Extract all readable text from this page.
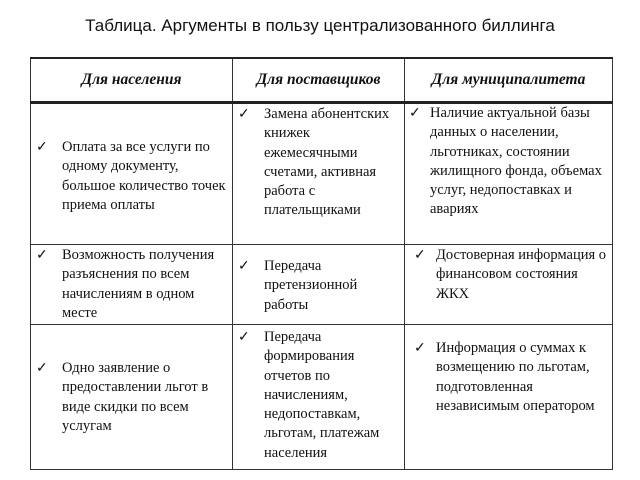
Таблица. Аргументы в пользу централизованного биллинга
Для населения	Для поставщиков	Для муниципалитета

✓ Оплата за все услуги по одному документу, большое количество точек приема оплаты	✓ Замена абонентских книжек ежемесячными счетами, активная работа с плательщиками	✓ Наличие актуальной базы данных о населении, льготниках, состоянии жилищного фонда, объемах услуг, недопоставках и авариях

✓ Возможность получения разъяснения по всем начислениям в одном месте	✓ Передача претензионной работы	✓ Достоверная информация о финансовом состояния ЖКХ

✓ Одно заявление о предоставлении льгот в виде скидки по всем услугам	✓ Передача формирования отчетов по начислениям, недопоставкам, льготам, платежам населения	✓ Информация о суммах к возмещению по льготам, подготовленная независимым оператором
